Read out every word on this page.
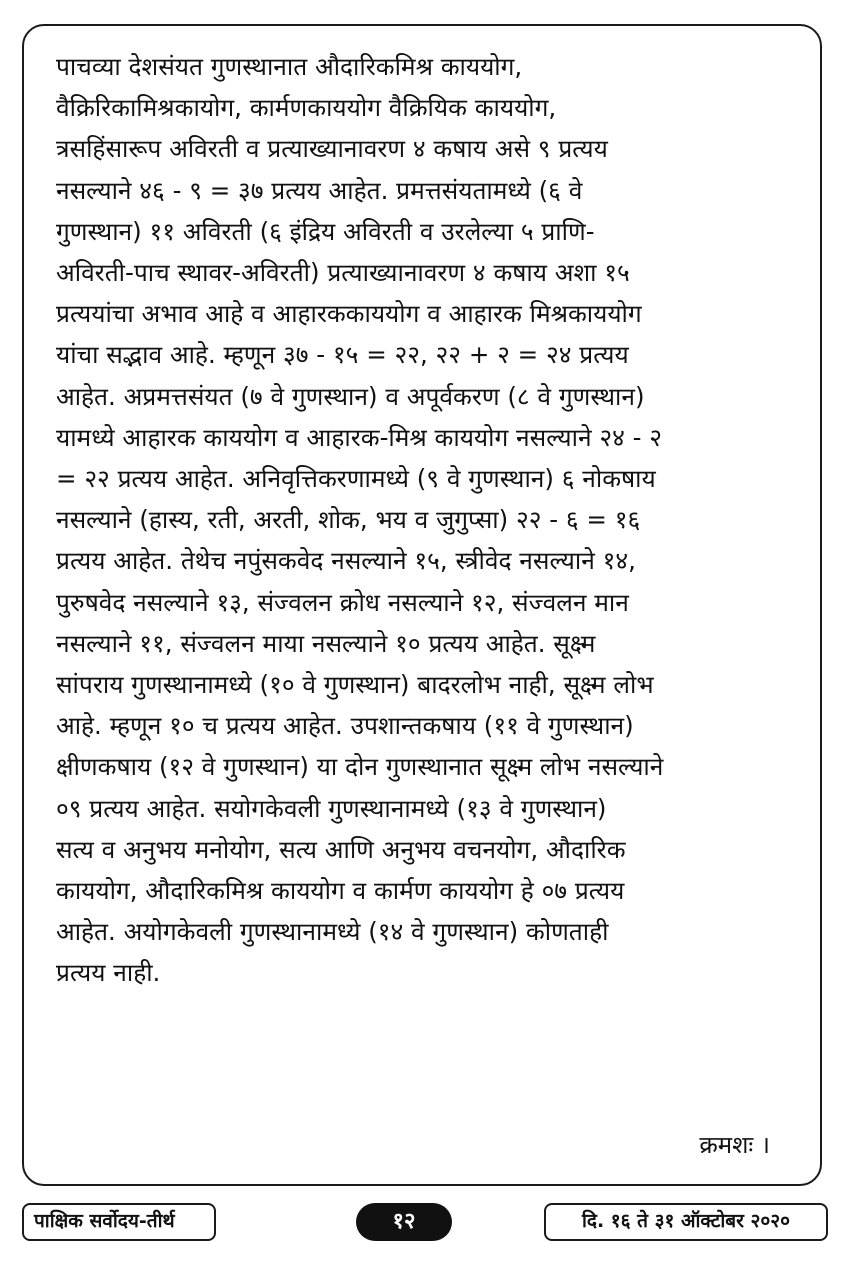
पाचव्या देशसंयत गुणस्थानात औदारिकमिश्र काययोग,
वैक्रिरिकामिश्रकायोग, कार्मणकाययोग वैक्रियिक काययोग,
त्रसहिंसारूप अविरती व प्रत्याख्यानावरण ४ कषाय असे ९ प्रत्यय
नसल्याने ४६ - ९ = ३७ प्रत्यय आहेत. प्रमत्तसंयतामध्ये (६ वे
गुणस्थान) ११ अविरती (६ इंद्रिय अविरती व उरलेल्या ५ प्राणि-
अविरती-पाच स्थावर-अविरती) प्रत्याख्यानावरण ४ कषाय अशा १५
प्रत्ययांचा अभाव आहे व आहारककाययोग व आहारक मिश्रकाययोग
यांचा सद्भाव आहे. म्हणून ३७ - १५ = २२, २२ + २ = २४ प्रत्यय
आहेत. अप्रमत्तसंयत (७ वे गुणस्थान) व अपूर्वकरण (८ वे गुणस्थान)
यामध्ये आहारक काययोग व आहारक-मिश्र काययोग नसल्याने २४ - २
= २२ प्रत्यय आहेत. अनिवृत्तिकरणामध्ये (९ वे गुणस्थान) ६ नोकषाय
नसल्याने (हास्य, रती, अरती, शोक, भय व जुगुप्सा) २२ - ६ = १६
प्रत्यय आहेत. तेथेच नपुंसकवेद नसल्याने १५, स्त्रीवेद नसल्याने १४,
पुरुषवेद नसल्याने १३, संज्वलन क्रोध नसल्याने १२, संज्वलन मान
नसल्याने ११, संज्वलन माया नसल्याने १० प्रत्यय आहेत. सूक्ष्म
सांपराय गुणस्थानामध्ये (१० वे गुणस्थान) बादरलोभ नाही, सूक्ष्म लोभ
आहे. म्हणून १० च प्रत्यय आहेत. उपशान्तकषाय (११ वे गुणस्थान)
क्षीणकषाय (१२ वे गुणस्थान) या दोन गुणस्थानात सूक्ष्म लोभ नसल्याने
०९ प्रत्यय आहेत. सयोगकेवली गुणस्थानामध्ये (१३ वे गुणस्थान)
सत्य व अनुभय मनोयोग, सत्य आणि अनुभय वचनयोग, औदारिक
काययोग, औदारिकमिश्र काययोग व कार्मण काययोग हे ०७ प्रत्यय
आहेत. अयोगकेवली गुणस्थानामध्ये (१४ वे गुणस्थान) कोणताही
प्रत्यय नाही.
क्रमशः ।
पाक्षिक सर्वोदय-तीर्थ	१२	दि. १६ ते ३१ ऑक्टोबर २०२०
